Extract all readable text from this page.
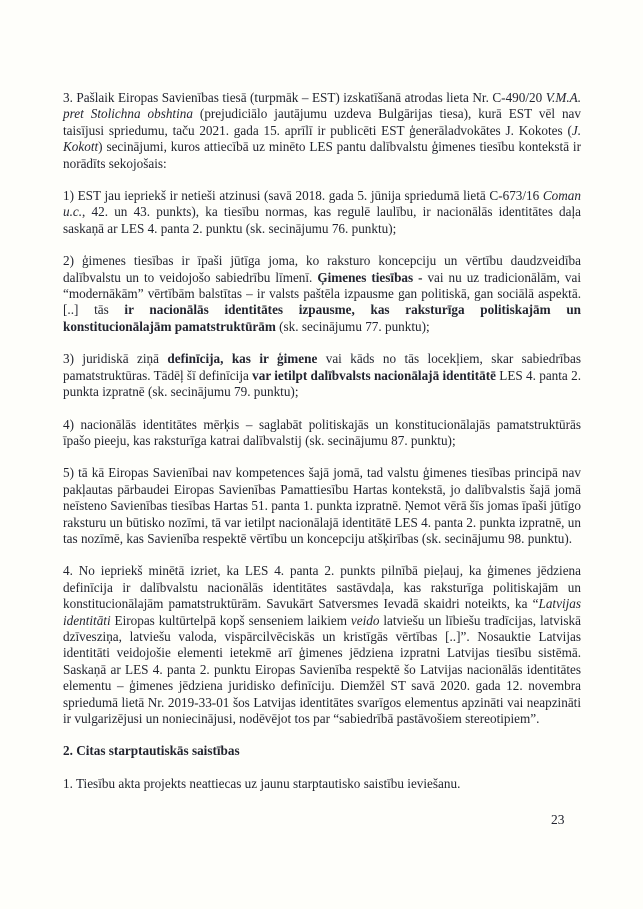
3. Pašlaik Eiropas Savienības tiesā (turpmāk – EST) izskatīšanā atrodas lieta Nr. C-490/20 V.M.A. pret Stolichna obshtina (prejudiciālo jautājumu uzdeva Bulgārijas tiesa), kurā EST vēl nav taisījusi spriedumu, taču 2021. gada 15. aprīlī ir publicēti EST ģenerāladvokātes J. Kokotes (J. Kokott) secinājumi, kuros attiecībā uz minēto LES pantu dalībvalstu ģimenes tiesību kontekstā ir norādīts sekojošais:

1) EST jau iepriekš ir netieši atzinusi (savā 2018. gada 5. jūnija spriedumā lietā C-673/16 Coman u.c., 42. un 43. punkts), ka tiesību normas, kas regulē laulību, ir nacionālās identitātes daļa saskaņā ar LES 4. panta 2. punktu (sk. secinājumu 76. punktu);

2) ģimenes tiesības ir īpaši jūtīga joma, ko raksturo koncepciju un vērtību daudzveidība dalībvalstu un to veidojošo sabiedrību līmenī. Ģimenes tiesības - vai nu uz tradicionālām, vai “modernākām” vērtībām balstītas – ir valsts paštēla izpausme gan politiskā, gan sociālā aspektā. [..] tās ir nacionālās identitātes izpausme, kas raksturīga politiskajām un konstitucionālajām pamatstruktūrām (sk. secinājumu 77. punktu);

3) juridiskā ziņā definīcija, kas ir ģimene vai kāds no tās locekļiem, skar sabiedrības pamatstruktūras. Tādēļ šī definīcija var ietilpt dalībvalsts nacionālajā identitātē LES 4. panta 2. punkta izpratnē (sk. secinājumu 79. punktu);

4) nacionālās identitātes mērķis – saglabāt politiskajās un konstitucionālajās pamatstruktūrās īpašo pieeju, kas raksturīga katrai dalībvalstij (sk. secinājumu 87. punktu);

5) tā kā Eiropas Savienībai nav kompetences šajā jomā, tad valstu ģimenes tiesības principā nav pakļautas pārbaudei Eiropas Savienības Pamattiesību Hartas kontekstā, jo dalībvalstis šajā jomā neīsteno Savienības tiesības Hartas 51. panta 1. punkta izpratnē. Ņemot vērā šīs jomas īpaši jūtīgo raksturu un būtisko nozīmi, tā var ietilpt nacionālajā identitātē LES 4. panta 2. punkta izpratnē, un tas nozīmē, kas Savienība respektē vērtību un koncepciju atšķirības (sk. secinājumu 98. punktu).

4. No iepriekš minētā izriet, ka LES 4. panta 2. punkts pilnībā pieļauj, ka ģimenes jēdziena definīcija ir dalībvalstu nacionālās identitātes sastāvdaļa, kas raksturīga politiskajām un konstitucionālajām pamatstruktūrām. Savukārt Satversmes Ievadā skaidri noteikts, ka “Latvijas identitāti Eiropas kultūrtelpā kopš senseniem laikiem veido latviešu un lībiešu tradīcijas, latviskā dzīvesziņa, latviešu valoda, vispārcilvēciskās un kristīgās vērtības [..]”. Nosauktie Latvijas identitāti veidojošie elementi ietekmē arī ģimenes jēdziena izpratni Latvijas tiesību sistēmā. Saskaņā ar LES 4. panta 2. punktu Eiropas Savienība respektē šo Latvijas nacionālās identitātes elementu – ģimenes jēdziena juridisko definīciju. Diemžēl ST savā 2020. gada 12. novembra spriedumā lietā Nr. 2019-33-01 šos Latvijas identitātes svarīgos elementus apzināti vai neapzināti ir vulgarizējusi un noniecinājusi, nodēvējot tos par “sabiedrībā pastāvošiem stereotipiem”.

2. Citas starptautiskās saistības

1. Tiesību akta projekts neattiecas uz jaunu starptautisko saistību ieviešanu.

23
